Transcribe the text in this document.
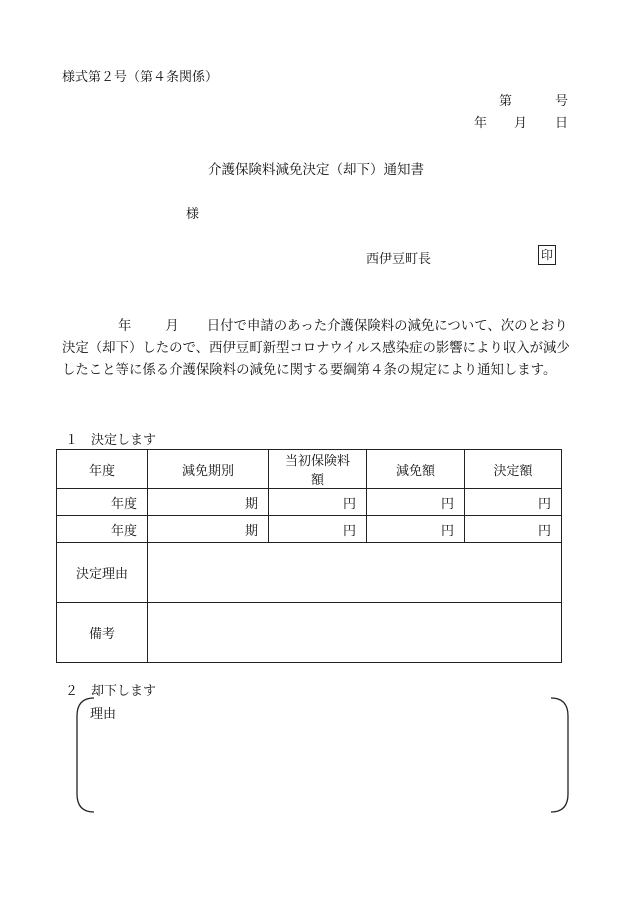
様式第２号（第４条関係）
第	号
年 月 日
介護保険料減免決定（却下）通知書
様
西伊豆町長	印
年	月 日付で申請のあった介護保険料の減免について、次のとおり決定（却下）したので、西伊豆町新型コロナウイルス感染症の影響により収入が減少したこと等に係る介護保険料の減免に関する要綱第４条の規定により通知します。
１　決定します
年度	減免期別	当初保険料額	減免額	決定額
年度	期	円	円	円
年度	期	円	円	円
決定理由				
備考				
２　却下します
理由
